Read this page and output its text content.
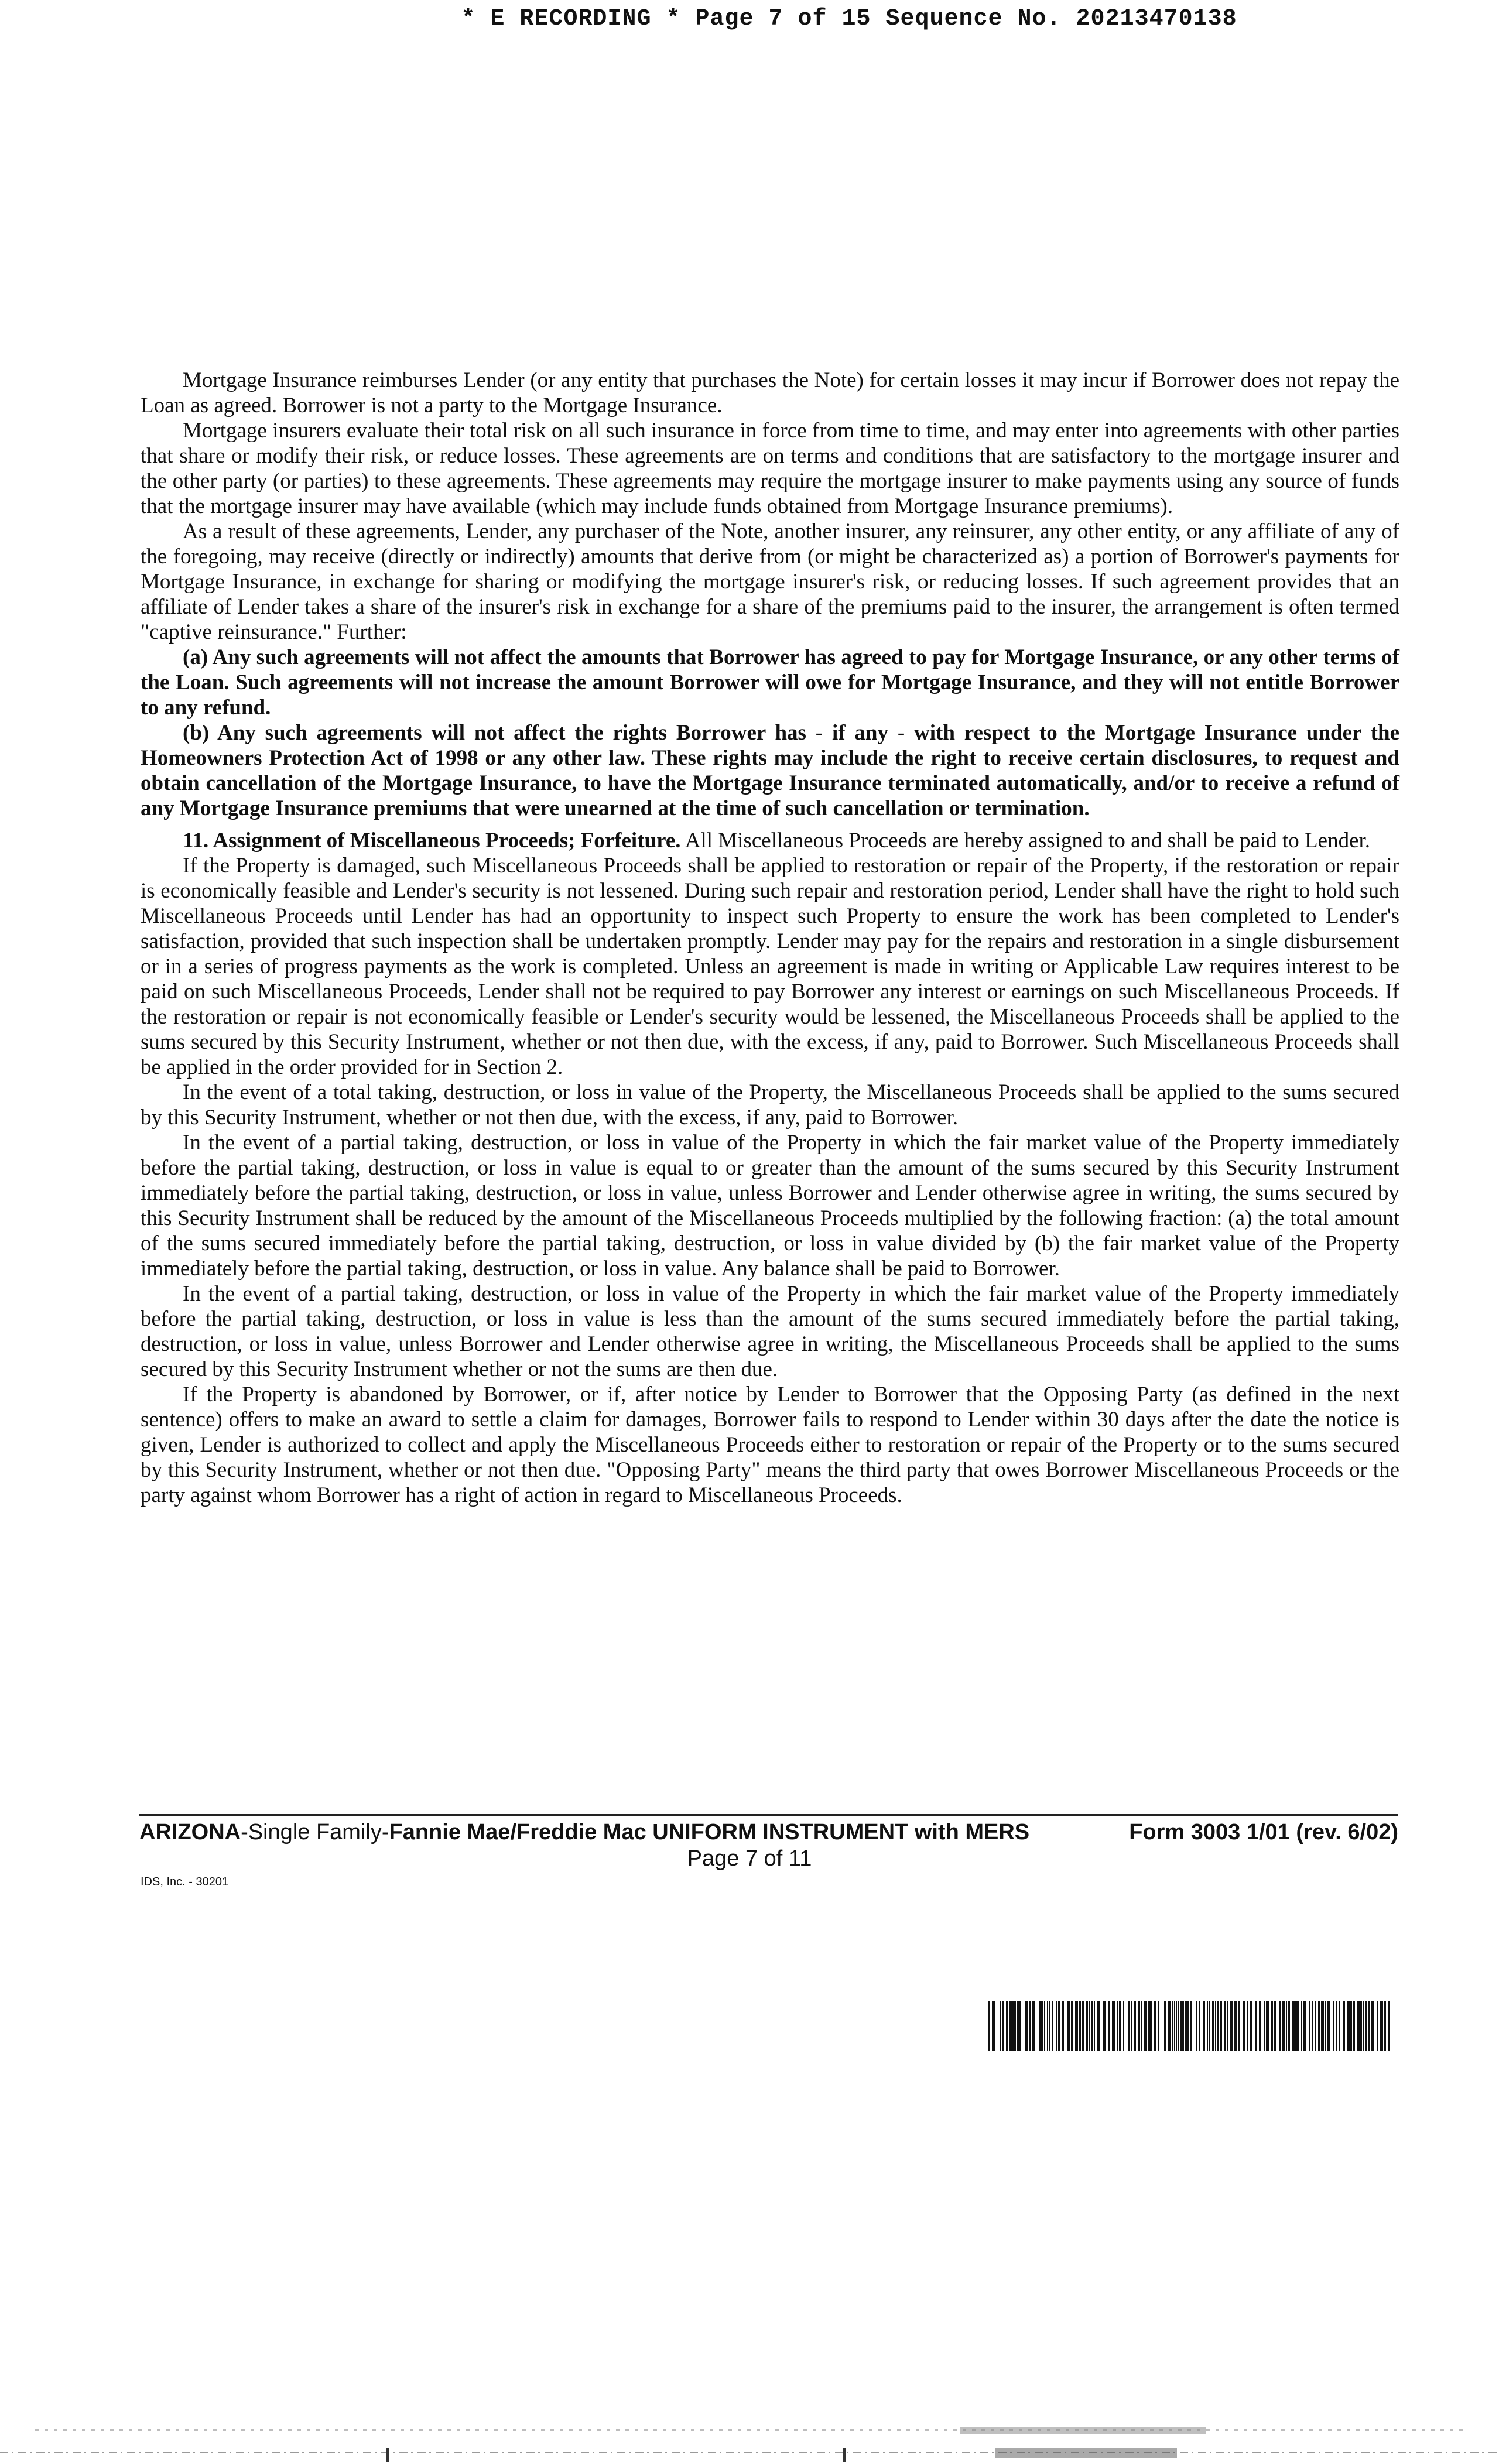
* E RECORDING * Page 7 of 15 Sequence No. 20213470138

Mortgage Insurance reimburses Lender (or any entity that purchases the Note) for certain losses it may incur if Borrower does not repay the Loan as agreed. Borrower is not a party to the Mortgage Insurance.

Mortgage insurers evaluate their total risk on all such insurance in force from time to time, and may enter into agreements with other parties that share or modify their risk, or reduce losses. These agreements are on terms and conditions that are satisfactory to the mortgage insurer and the other party (or parties) to these agreements. These agreements may require the mortgage insurer to make payments using any source of funds that the mortgage insurer may have available (which may include funds obtained from Mortgage Insurance premiums).

As a result of these agreements, Lender, any purchaser of the Note, another insurer, any reinsurer, any other entity, or any affiliate of any of the foregoing, may receive (directly or indirectly) amounts that derive from (or might be characterized as) a portion of Borrower's payments for Mortgage Insurance, in exchange for sharing or modifying the mortgage insurer's risk, or reducing losses. If such agreement provides that an affiliate of Lender takes a share of the insurer's risk in exchange for a share of the premiums paid to the insurer, the arrangement is often termed "captive reinsurance." Further:

(a) Any such agreements will not affect the amounts that Borrower has agreed to pay for Mortgage Insurance, or any other terms of the Loan. Such agreements will not increase the amount Borrower will owe for Mortgage Insurance, and they will not entitle Borrower to any refund.

(b) Any such agreements will not affect the rights Borrower has - if any - with respect to the Mortgage Insurance under the Homeowners Protection Act of 1998 or any other law. These rights may include the right to receive certain disclosures, to request and obtain cancellation of the Mortgage Insurance, to have the Mortgage Insurance terminated automatically, and/or to receive a refund of any Mortgage Insurance premiums that were unearned at the time of such cancellation or termination.

11. Assignment of Miscellaneous Proceeds; Forfeiture. All Miscellaneous Proceeds are hereby assigned to and shall be paid to Lender.

If the Property is damaged, such Miscellaneous Proceeds shall be applied to restoration or repair of the Property, if the restoration or repair is economically feasible and Lender's security is not lessened. During such repair and restoration period, Lender shall have the right to hold such Miscellaneous Proceeds until Lender has had an opportunity to inspect such Property to ensure the work has been completed to Lender's satisfaction, provided that such inspection shall be undertaken promptly. Lender may pay for the repairs and restoration in a single disbursement or in a series of progress payments as the work is completed. Unless an agreement is made in writing or Applicable Law requires interest to be paid on such Miscellaneous Proceeds, Lender shall not be required to pay Borrower any interest or earnings on such Miscellaneous Proceeds. If the restoration or repair is not economically feasible or Lender's security would be lessened, the Miscellaneous Proceeds shall be applied to the sums secured by this Security Instrument, whether or not then due, with the excess, if any, paid to Borrower. Such Miscellaneous Proceeds shall be applied in the order provided for in Section 2.

In the event of a total taking, destruction, or loss in value of the Property, the Miscellaneous Proceeds shall be applied to the sums secured by this Security Instrument, whether or not then due, with the excess, if any, paid to Borrower.

In the event of a partial taking, destruction, or loss in value of the Property in which the fair market value of the Property immediately before the partial taking, destruction, or loss in value is equal to or greater than the amount of the sums secured by this Security Instrument immediately before the partial taking, destruction, or loss in value, unless Borrower and Lender otherwise agree in writing, the sums secured by this Security Instrument shall be reduced by the amount of the Miscellaneous Proceeds multiplied by the following fraction: (a) the total amount of the sums secured immediately before the partial taking, destruction, or loss in value divided by (b) the fair market value of the Property immediately before the partial taking, destruction, or loss in value. Any balance shall be paid to Borrower.

In the event of a partial taking, destruction, or loss in value of the Property in which the fair market value of the Property immediately before the partial taking, destruction, or loss in value is less than the amount of the sums secured immediately before the partial taking, destruction, or loss in value, unless Borrower and Lender otherwise agree in writing, the Miscellaneous Proceeds shall be applied to the sums secured by this Security Instrument whether or not the sums are then due.

If the Property is abandoned by Borrower, or if, after notice by Lender to Borrower that the Opposing Party (as defined in the next sentence) offers to make an award to settle a claim for damages, Borrower fails to respond to Lender within 30 days after the date the notice is given, Lender is authorized to collect and apply the Miscellaneous Proceeds either to restoration or repair of the Property or to the sums secured by this Security Instrument, whether or not then due. "Opposing Party" means the third party that owes Borrower Miscellaneous Proceeds or the party against whom Borrower has a right of action in regard to Miscellaneous Proceeds.

ARIZONA-Single Family-Fannie Mae/Freddie Mac UNIFORM INSTRUMENT with MERS	Form 3003 1/01 (rev. 6/02)
Page 7 of 11
IDS, Inc. - 30201
